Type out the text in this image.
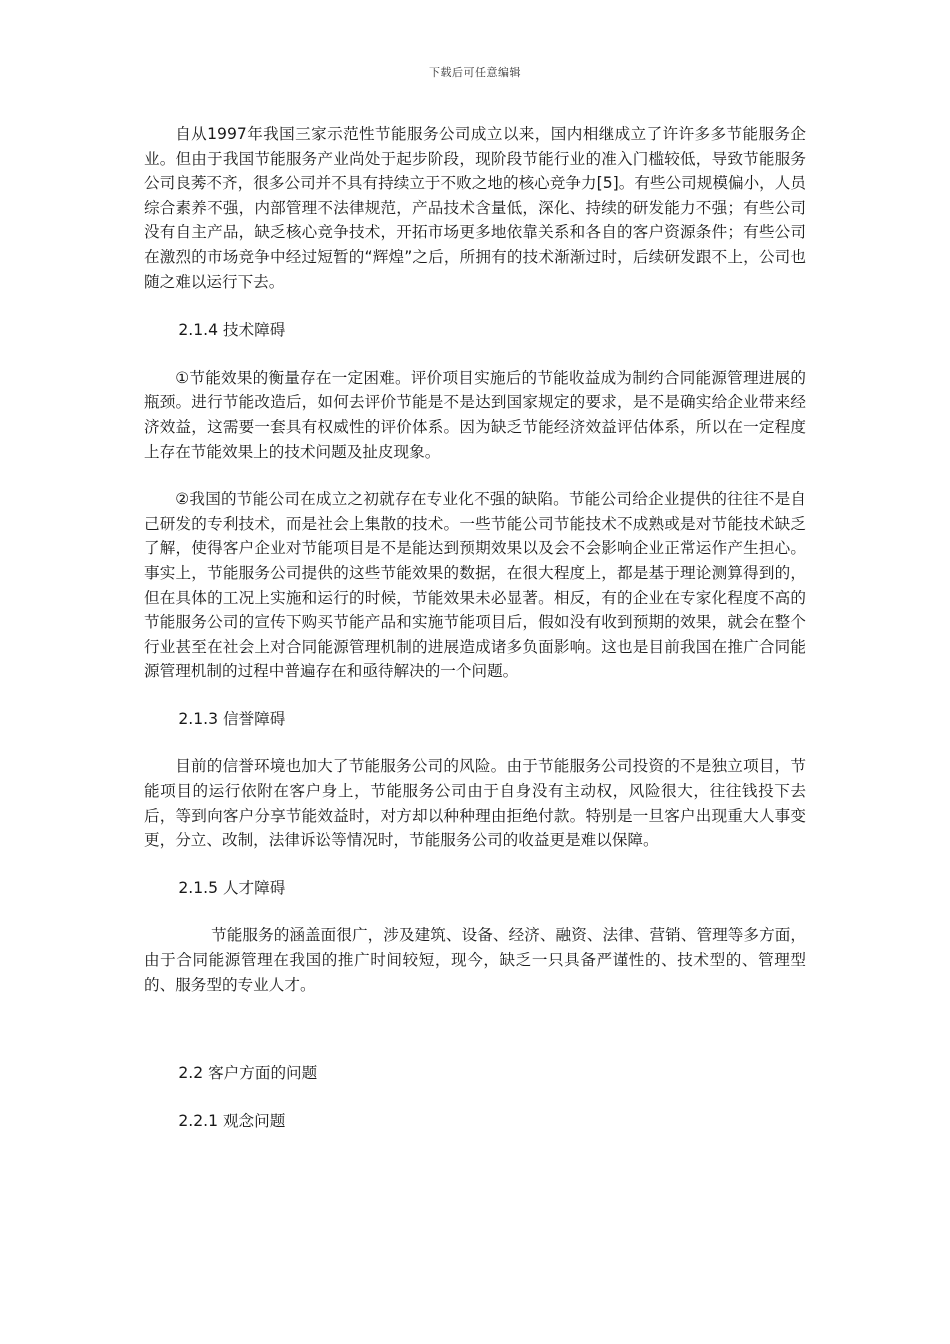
下载后可任意编辑

自从1997年我国三家示范性节能服务公司成立以来，国内相继成立了许许多多节能服务企业。但由于我国节能服务产业尚处于起步阶段，现阶段节能行业的准入门槛较低，导致节能服务公司良莠不齐，很多公司并不具有持续立于不败之地的核心竞争力[5]。有些公司规模偏小，人员综合素养不强，内部管理不法律规范，产品技术含量低，深化、持续的研发能力不强；有些公司没有自主产品，缺乏核心竞争技术，开拓市场更多地依靠关系和各自的客户资源条件；有些公司在激烈的市场竞争中经过短暂的“辉煌”之后，所拥有的技术渐渐过时，后续研发跟不上，公司也随之难以运行下去。

2.1.4 技术障碍

①节能效果的衡量存在一定困难。评价项目实施后的节能收益成为制约合同能源管理进展的瓶颈。进行节能改造后，如何去评价节能是不是达到国家规定的要求，是不是确实给企业带来经济效益，这需要一套具有权威性的评价体系。因为缺乏节能经济效益评估体系，所以在一定程度上存在节能效果上的技术问题及扯皮现象。

②我国的节能公司在成立之初就存在专业化不强的缺陷。节能公司给企业提供的往往不是自己研发的专利技术，而是社会上集散的技术。一些节能公司节能技术不成熟或是对节能技术缺乏了解，使得客户企业对节能项目是不是能达到预期效果以及会不会影响企业正常运作产生担心。事实上，节能服务公司提供的这些节能效果的数据，在很大程度上，都是基于理论测算得到的，但在具体的工况上实施和运行的时候，节能效果未必显著。相反，有的企业在专家化程度不高的节能服务公司的宣传下购买节能产品和实施节能项目后，假如没有收到预期的效果，就会在整个行业甚至在社会上对合同能源管理机制的进展造成诸多负面影响。这也是目前我国在推广合同能源管理机制的过程中普遍存在和亟待解决的一个问题。

2.1.3 信誉障碍

目前的信誉环境也加大了节能服务公司的风险。由于节能服务公司投资的不是独立项目，节能项目的运行依附在客户身上，节能服务公司由于自身没有主动权，风险很大，往往钱投下去后，等到向客户分享节能效益时，对方却以种种理由拒绝付款。特别是一旦客户出现重大人事变更，分立、改制，法律诉讼等情况时，节能服务公司的收益更是难以保障。

2.1.5 人才障碍

节能服务的涵盖面很广，涉及建筑、设备、经济、融资、法律、营销、管理等多方面，由于合同能源管理在我国的推广时间较短，现今，缺乏一只具备严谨性的、技术型的、管理型的、服务型的专业人才。

2.2 客户方面的问题

2.2.1 观念问题
